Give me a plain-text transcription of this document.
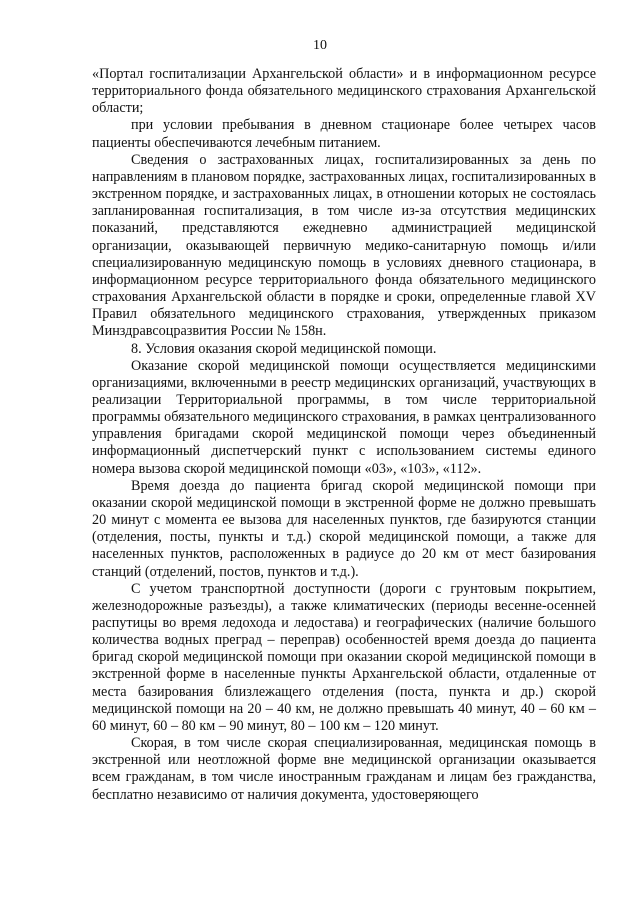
10

«Портал госпитализации Архангельской области» и в информационном ресурсе территориального фонда обязательного медицинского страхования Архангельской области;

при условии пребывания в дневном стационаре более четырех часов пациенты обеспечиваются лечебным питанием.

Сведения о застрахованных лицах, госпитализированных за день по направлениям в плановом порядке, застрахованных лицах, госпитализированных в экстренном порядке, и застрахованных лицах, в отношении которых не состоялась запланированная госпитализация, в том числе из-за отсутствия медицинских показаний, представляются ежедневно администрацией медицинской организации, оказывающей первичную медико-санитарную помощь и/или специализированную медицинскую помощь в условиях дневного стационара, в информационном ресурсе территориального фонда обязательного медицинского страхования Архангельской области в порядке и сроки, определенные главой XV Правил обязательного медицинского страхования, утвержденных приказом Минздравсоцразвития России № 158н.

8. Условия оказания скорой медицинской помощи.

Оказание скорой медицинской помощи осуществляется медицинскими организациями, включенными в реестр медицинских организаций, участвующих в реализации Территориальной программы, в том числе территориальной программы обязательного медицинского страхования, в рамках централизованного управления бригадами скорой медицинской помощи через объединенный информационный диспетчерский пункт с использованием системы единого номера вызова скорой медицинской помощи «03», «103», «112».

Время доезда до пациента бригад скорой медицинской помощи при оказании скорой медицинской помощи в экстренной форме не должно превышать 20 минут с момента ее вызова для населенных пунктов, где базируются станции (отделения, посты, пункты и т.д.) скорой медицинской помощи, а также для населенных пунктов, расположенных в радиусе до 20 км от мест базирования станций (отделений, постов, пунктов и т.д.).

С учетом транспортной доступности (дороги с грунтовым покрытием, железнодорожные разъезды), а также климатических (периоды весенне-осенней распутицы во время ледохода и ледостава) и географических (наличие большого количества водных преград – переправ) особенностей время доезда до пациента бригад скорой медицинской помощи при оказании скорой медицинской помощи в экстренной форме в населенные пункты Архангельской области, отдаленные от места базирования близлежащего отделения (поста, пункта и др.) скорой медицинской помощи на 20 – 40 км, не должно превышать 40 минут, 40 – 60 км – 60 минут, 60 – 80 км – 90 минут, 80 – 100 км – 120 минут.

Скорая, в том числе скорая специализированная, медицинская помощь в экстренной или неотложной форме вне медицинской организации оказывается всем гражданам, в том числе иностранным гражданам и лицам без гражданства, бесплатно независимо от наличия документа, удостоверяющего
